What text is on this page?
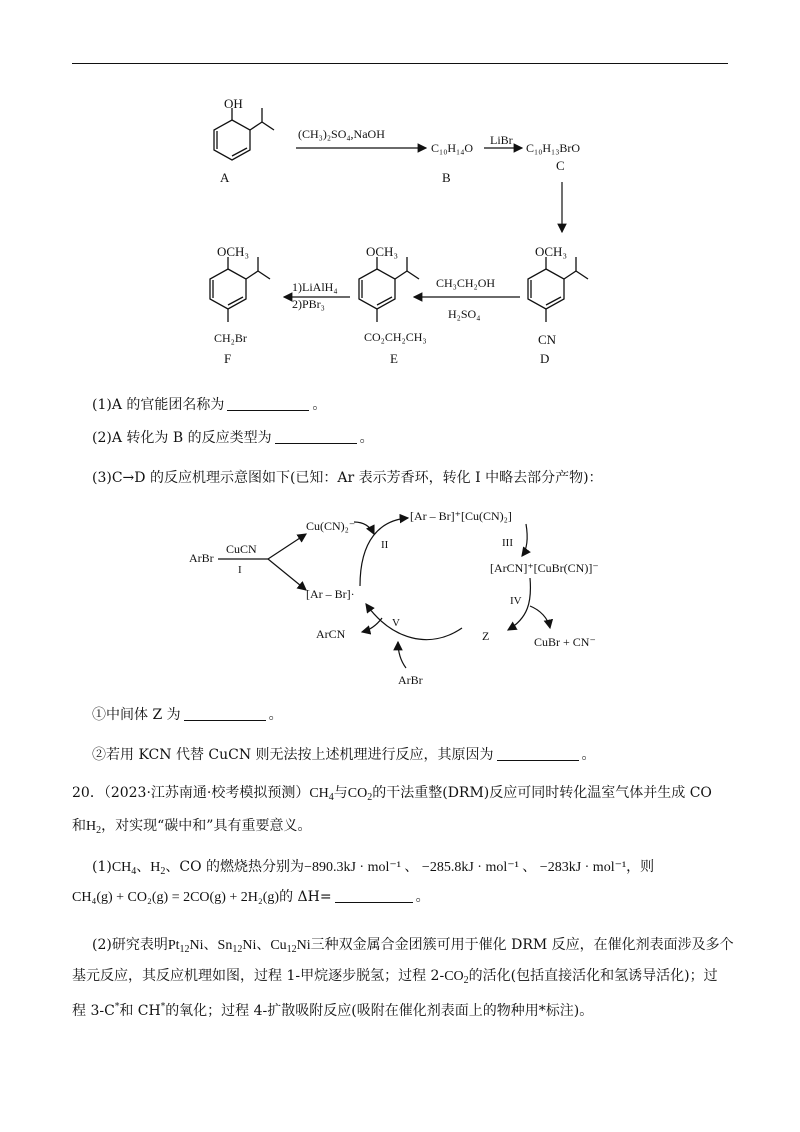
OH
A
(CH₃)₂SO₄,NaOH
C₁₀H₁₄O
B
LiBr
C₁₀H₁₃BrO
C
OCH₃
CN
D
CH₃CH₂OH
H₂SO₄
OCH₃
CO₂CH₂CH₃
E
1)LiAlH₄
2)PBr₃
OCH₃
CH₂Br
F
ArBr
CuCN
I
Cu(CN)₂⁻
II
[Ar – Br]·
[Ar – Br]⁺[Cu(CN)₂]
III
[ArCN]⁺[CuBr(CN)]⁻
IV
CuBr + CN⁻
Z
V
ArCN
ArBr
(1)A 的官能团名称为	。
(2)A 转化为 B 的反应类型为	。
(3)C→D 的反应机理示意图如下(已知：Ar 表示芳香环，转化 I 中略去部分产物)：
①中间体 Z 为	。
②若用 KCN 代替 CuCN 则无法按上述机理进行反应，其原因为	。
20．（2023·江苏南通·校考模拟预测）$CH_4$与$CO_2$的干法重整(DRM)反应可同时转化温室气体并生成 CO
和$H_2$，对实现“碳中和”具有重要意义。
$(1)CH_4$、$H_2$、CO 的燃烧热分别为−890.3kJ · mol⁻¹ 、 −285.8kJ · mol⁻¹ 、 −283kJ · mol⁻¹，则
CH₄(g) + CO₂(g) = 2CO(g) + 2H₂(g)的 ΔH=	。
(2)研究表明$Pt_{12}Ni$、$Sn_{12}Ni$、$Cu_{12}Ni$三种双金属合金团簇可用于催化 DRM 反应，在催化剂表面涉及多个
基元反应，其反应机理如图，过程 1-甲烷逐步脱氢；过程 $2-CO_2$的活化(包括直接活化和氢诱导活化)；过
程 3-C*和 CH*的氧化；过程 4-扩散吸附反应(吸附在催化剂表面上的物种用*标注)。
